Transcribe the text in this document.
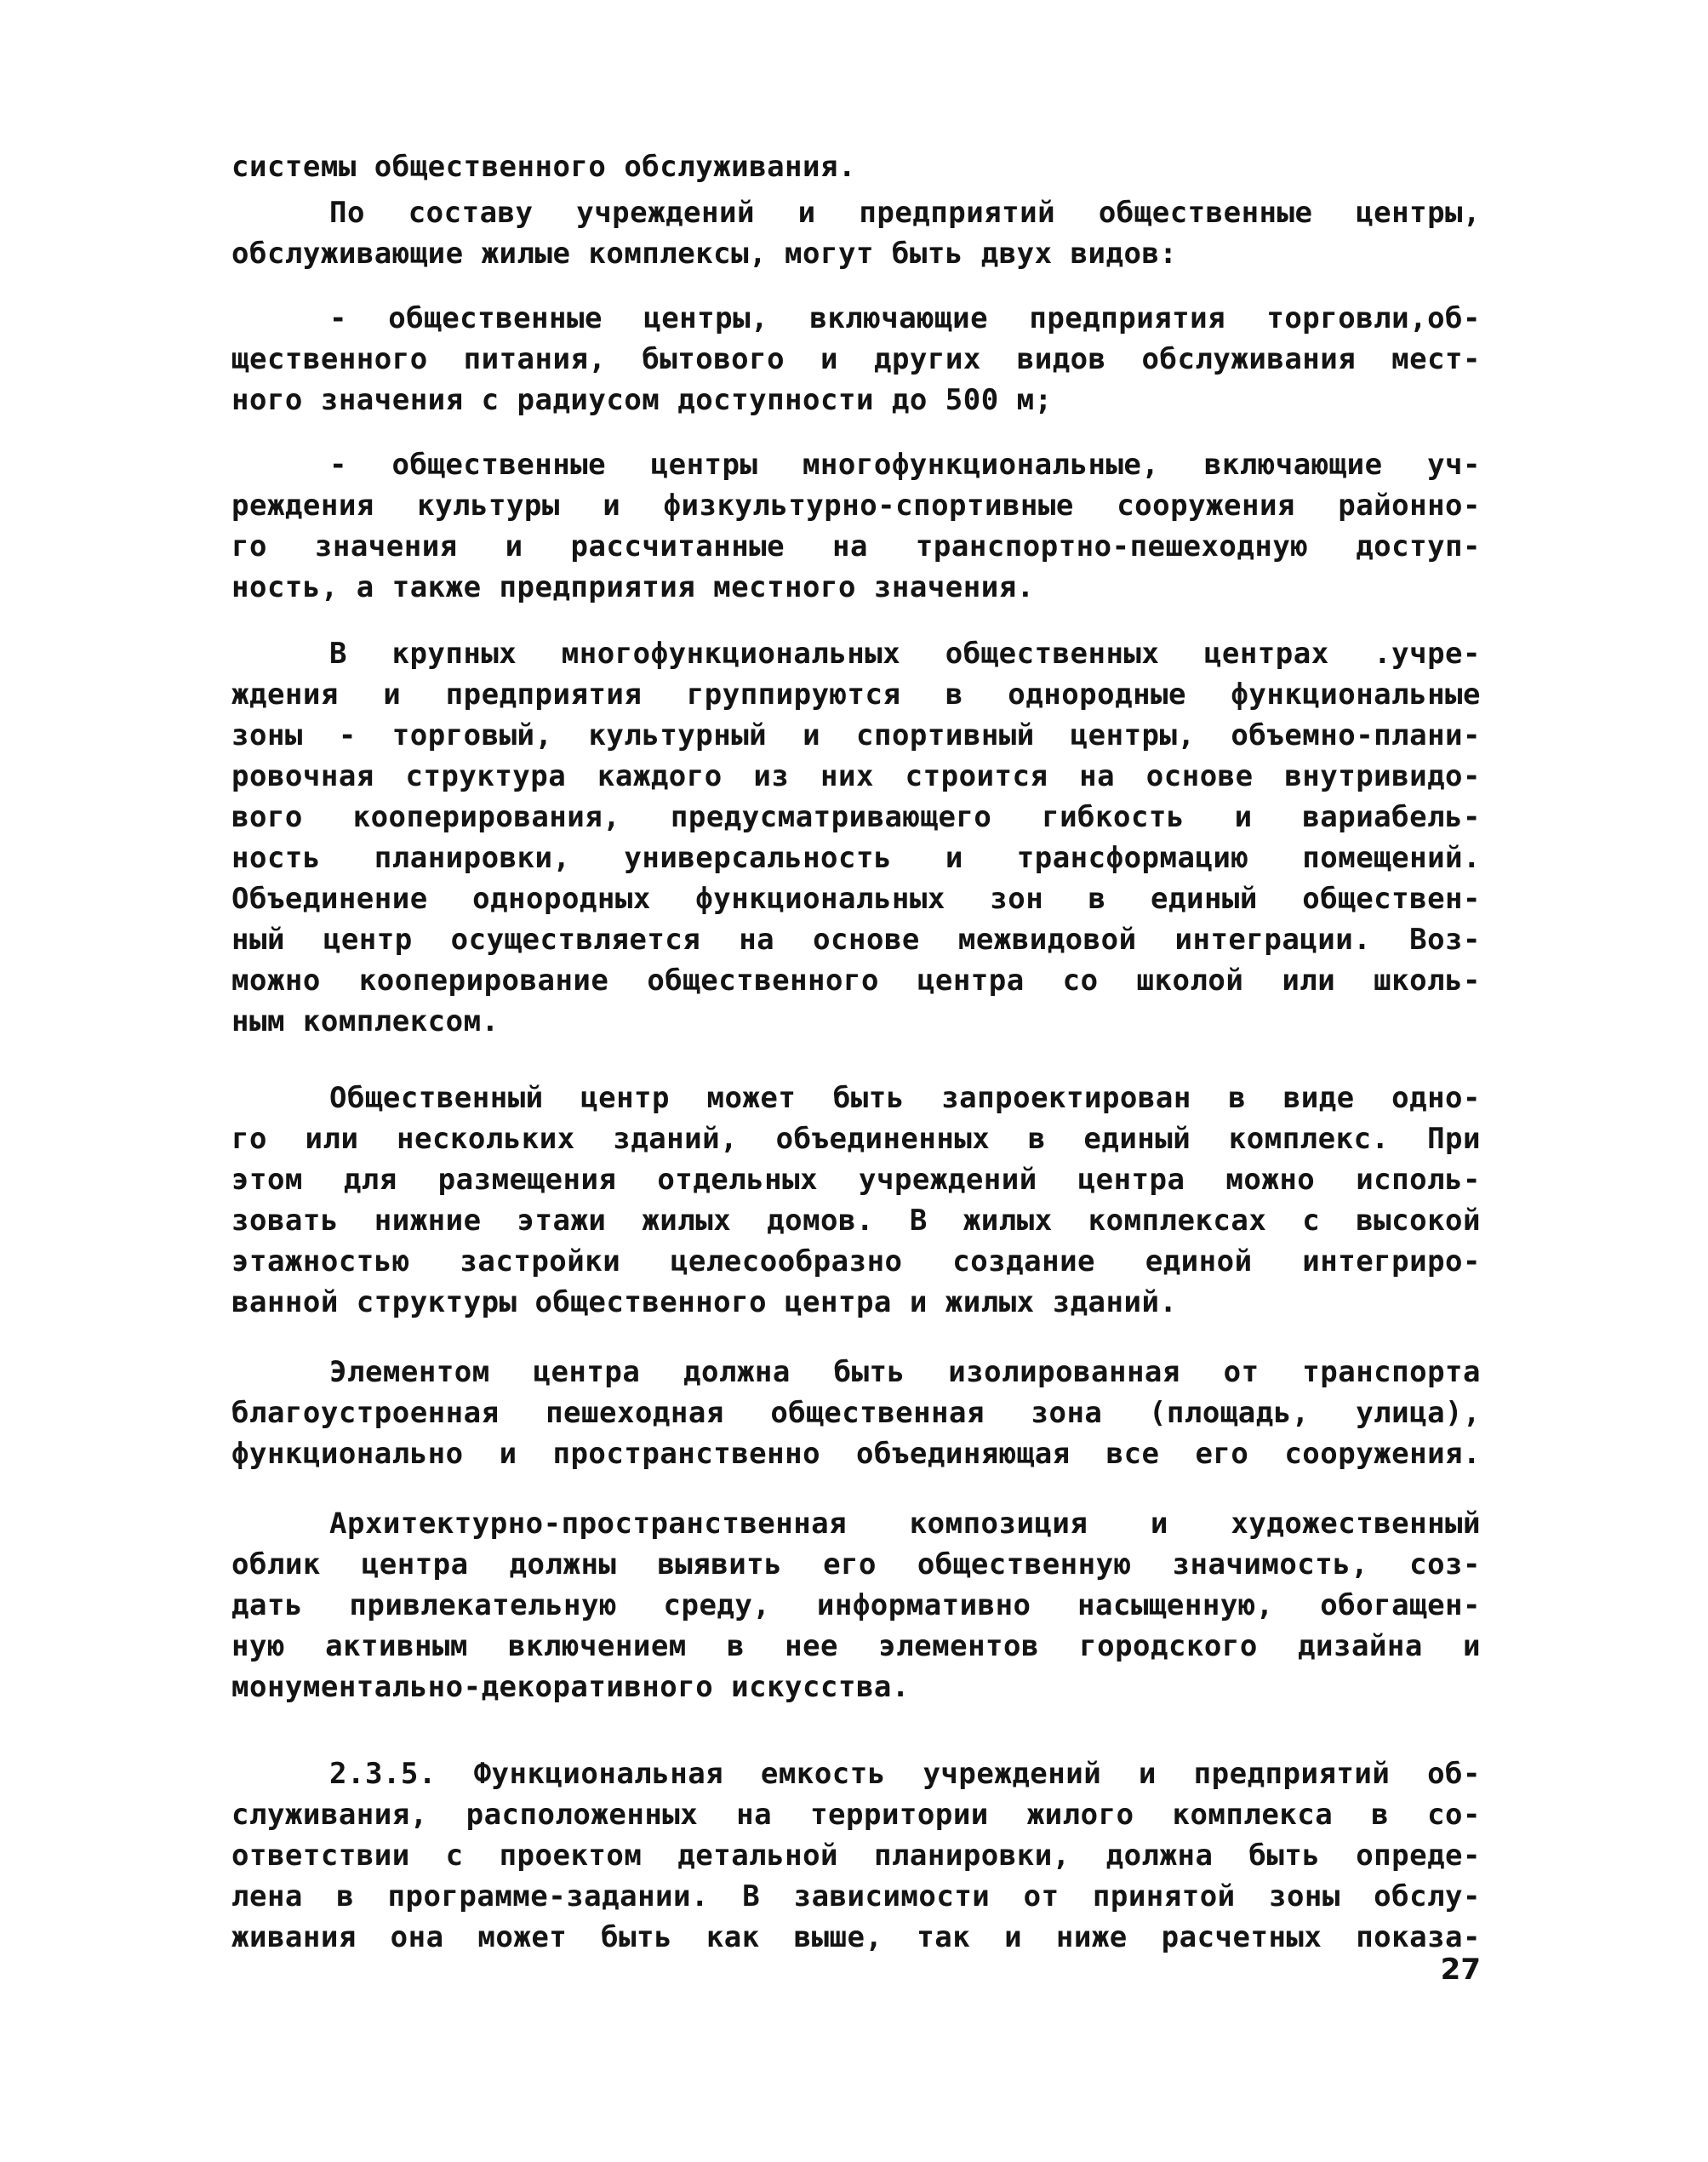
системы общественного обслуживания.
По составу учреждений и предприятий общественные центры,
обслуживающие жилые комплексы, могут быть двух видов:
- общественные центры, включающие предприятия торговли,об-
щественного питания, бытового и других видов обслуживания мест-
ного значения с радиусом доступности до 500 м;
- общественные центры многофункциональные, включающие уч-
реждения культуры и физкультурно-спортивные сооружения районно-
го значения и рассчитанные на транспортно-пешеходную доступ-
ность, а также предприятия местного значения.
В крупных многофункциональных общественных центрах .учре-
ждения и предприятия группируются в однородные функциональные
зоны - торговый, культурный и спортивный центры, объемно-плани-
ровочная структура каждого из них строится на основе внутривидо-
вого кооперирования, предусматривающего гибкость и вариабель-
ность планировки, универсальность и трансформацию помещений.
Объединение однородных функциональных зон в единый обществен-
ный центр осуществляется на основе межвидовой интеграции. Воз-
можно кооперирование общественного центра со школой или школь-
ным комплексом.
Общественный центр может быть запроектирован в виде одно-
го или нескольких зданий, объединенных в единый комплекс. При
этом для размещения отдельных учреждений центра можно исполь-
зовать нижние этажи жилых домов. В жилых комплексах с высокой
этажностью застройки целесообразно создание единой интегриро-
ванной структуры общественного центра и жилых зданий.
Элементом центра должна быть изолированная от транспорта
благоустроенная пешеходная общественная зона (площадь, улица),
функционально и пространственно объединяющая все его сооружения.
Архитектурно-пространственная композиция и художественный
облик центра должны выявить его общественную значимость, соз-
дать привлекательную среду, информативно насыщенную, обогащен-
ную активным включением в нее элементов городского дизайна и
монументально-декоративного искусства.
2.3.5. Функциональная емкость учреждений и предприятий об-
служивания, расположенных на территории жилого комплекса в со-
ответствии с проектом детальной планировки, должна быть опреде-
лена в программе-задании. В зависимости от принятой зоны обслу-
живания она может быть как выше, так и ниже расчетных показа-
27
